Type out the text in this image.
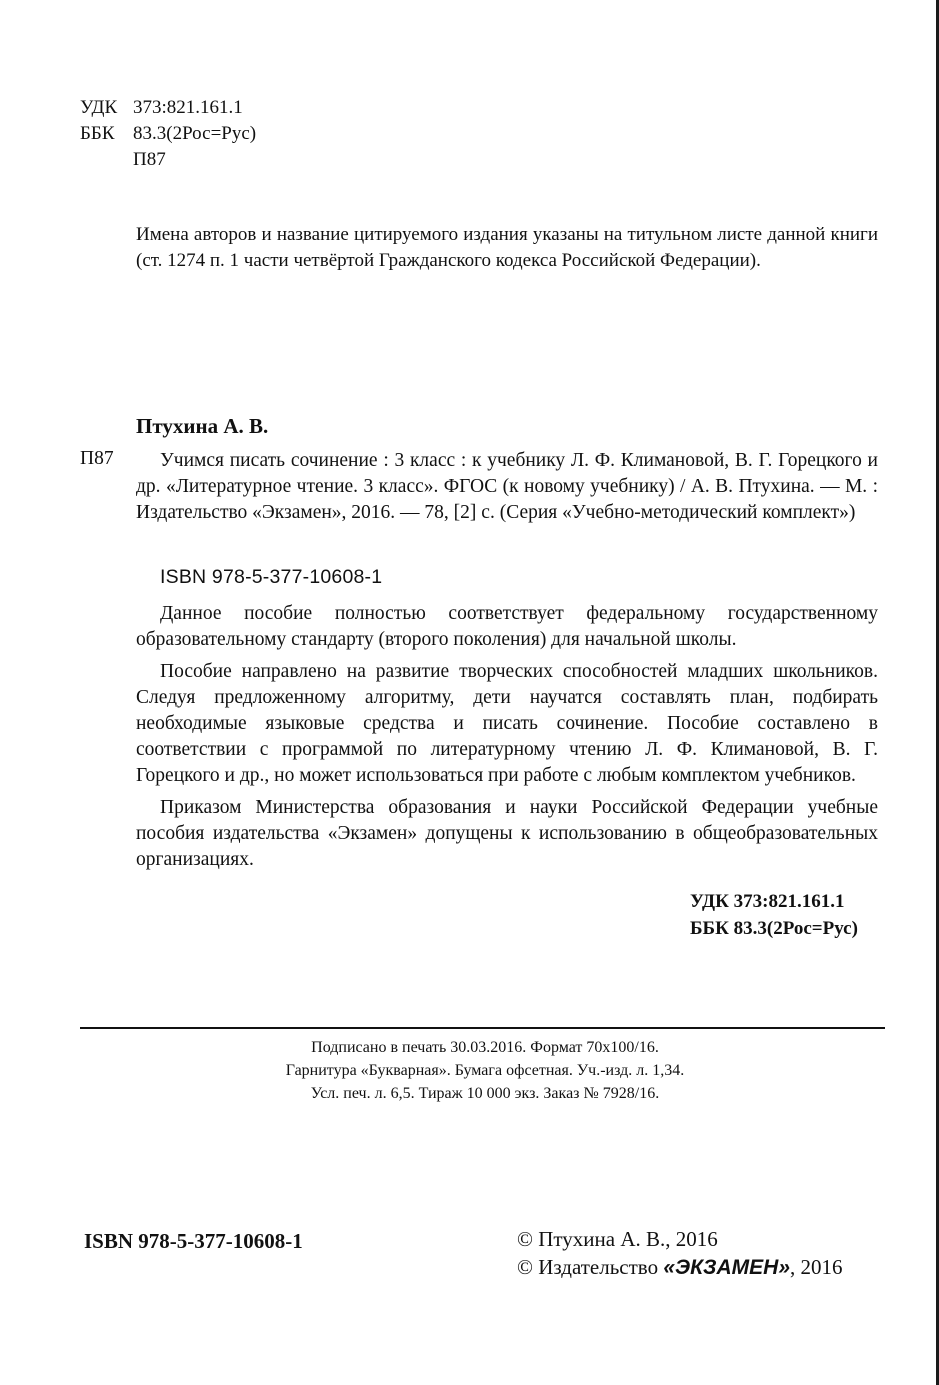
УДК 373:821.161.1
ББК 83.3(2Рос=Рус)
П87
Имена авторов и название цитируемого издания указаны на титульном листе данной книги (ст. 1274 п. 1 части четвёртой Гражданского кодекса Российской Федерации).
Птухина А. В.
П87	Учимся писать сочинение : 3 класс : к учебнику Л. Ф. Климановой, В. Г. Горецкого и др. «Литературное чтение. 3 класс». ФГОС (к новому учебнику) / А. В. Птухина. — М. : Издательство «Экзамен», 2016. — 78, [2] с. (Серия «Учебно-методический комплект»)
ISBN 978-5-377-10608-1

Данное пособие полностью соответствует федеральному государственному образовательному стандарту (второго поколения) для начальной школы.

Пособие направлено на развитие творческих способностей младших школьников. Следуя предложенному алгоритму, дети научатся составлять план, подбирать необходимые языковые средства и писать сочинение. Пособие составлено в соответствии с программой по литературному чтению Л. Ф. Климановой, В. Г. Горецкого и др., но может использоваться при работе с любым комплектом учебников.

Приказом Министерства образования и науки Российской Федерации учебные пособия издательства «Экзамен» допущены к использованию в общеобразовательных организациях.

УДК 373:821.161.1
ББК 83.3(2Рос=Рус)
Подписано в печать 30.03.2016. Формат 70x100/16.
Гарнитура «Букварная». Бумага офсетная. Уч.-изд. л. 1,34.
Усл. печ. л. 6,5. Тираж 10 000 экз. Заказ № 7928/16.
ISBN 978-5-377-10608-1	© Птухина А. В., 2016
© Издательство «ЭКЗАМЕН», 2016
